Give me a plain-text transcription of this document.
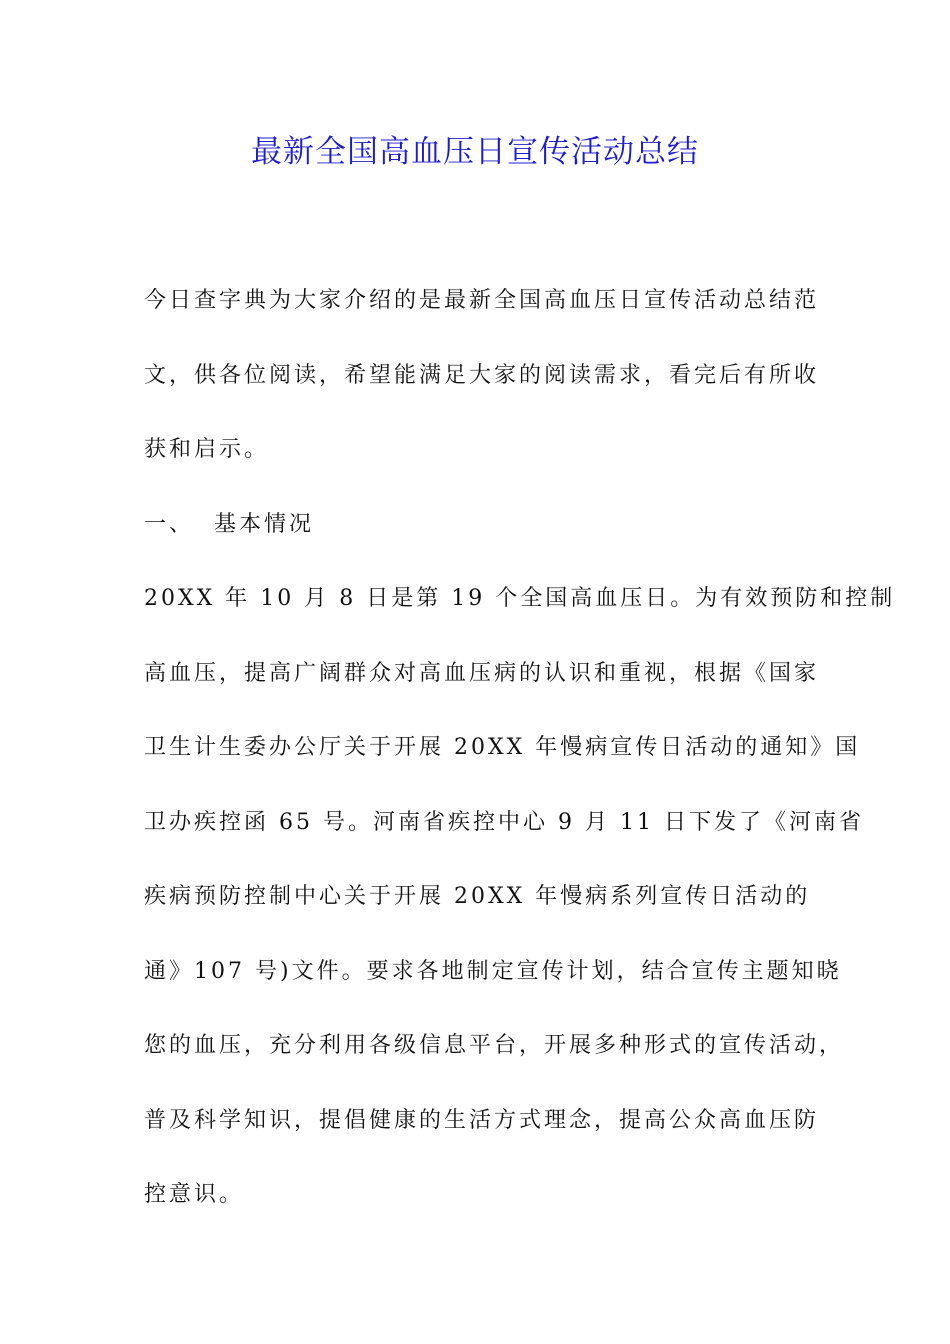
最新全国高血压日宣传活动总结

今日查字典为大家介绍的是最新全国高血压日宣传活动总结范
文，供各位阅读，希望能满足大家的阅读需求，看完后有所收
获和启示。

一、  基本情况

20XX 年 10 月 8 日是第 19 个全国高血压日。为有效预防和控制
高血压，提高广阔群众对高血压病的认识和重视，根据《国家
卫生计生委办公厅关于开展 20XX 年慢病宣传日活动的通知》国
卫办疾控函 65 号。河南省疾控中心 9 月 11 日下发了《河南省
疾病预防控制中心关于开展 20XX 年慢病系列宣传日活动的
通》107 号)文件。要求各地制定宣传计划，结合宣传主题知晓
您的血压，充分利用各级信息平台，开展多种形式的宣传活动，
普及科学知识，提倡健康的生活方式理念，提高公众高血压防
控意识。
